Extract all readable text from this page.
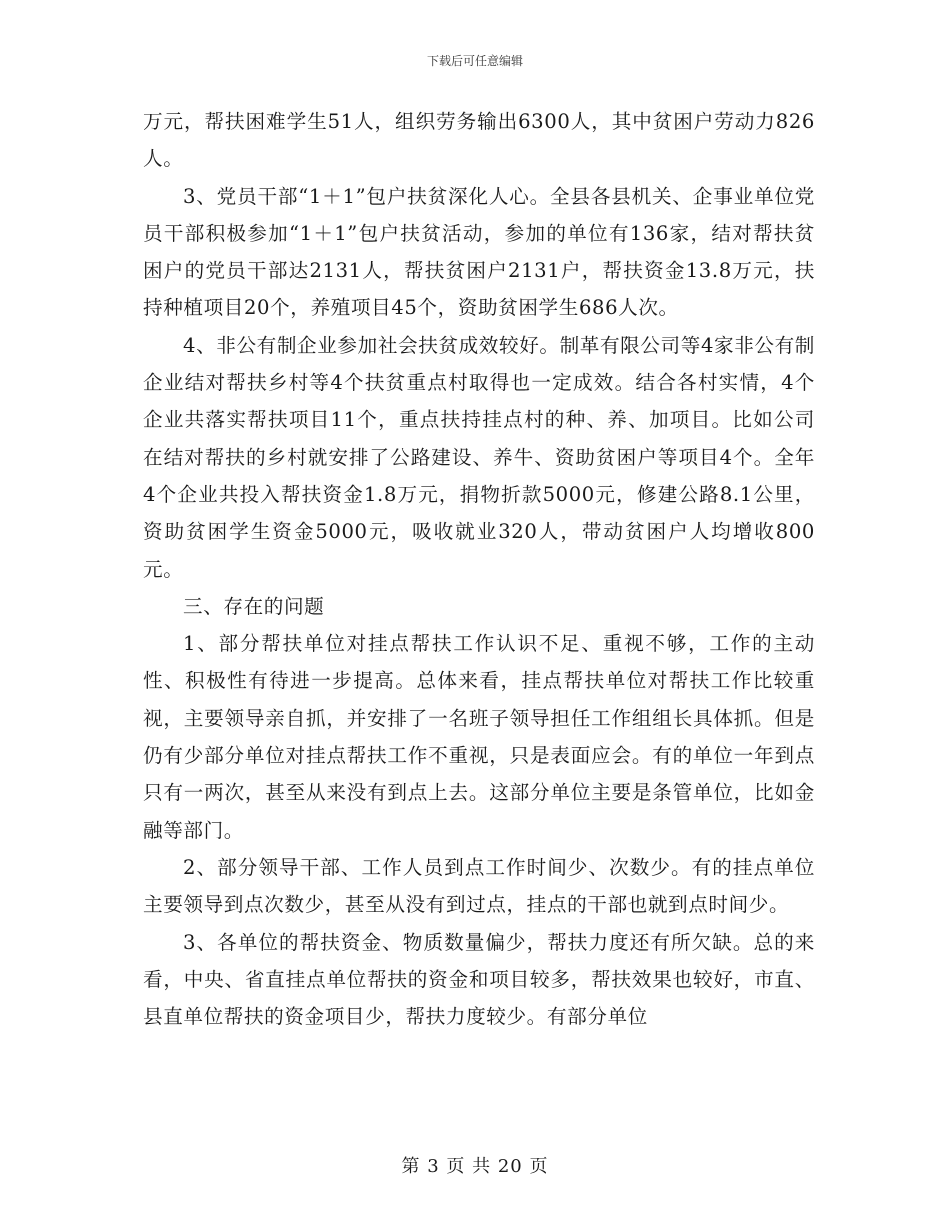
下载后可任意编辑

万元，帮扶困难学生51人，组织劳务输出6300人，其中贫困户劳动力826人。

3、党员干部“1＋1”包户扶贫深化人心。全县各县机关、企事业单位党员干部积极参加“1＋1”包户扶贫活动，参加的单位有136家，结对帮扶贫困户的党员干部达2131人，帮扶贫困户2131户，帮扶资金13.8万元，扶持种植项目20个，养殖项目45个，资助贫困学生686人次。

4、非公有制企业参加社会扶贫成效较好。制革有限公司等4家非公有制企业结对帮扶乡村等4个扶贫重点村取得也一定成效。结合各村实情，4个企业共落实帮扶项目11个，重点扶持挂点村的种、养、加项目。比如公司在结对帮扶的乡村就安排了公路建设、养牛、资助贫困户等项目4个。全年4个企业共投入帮扶资金1.8万元，捐物折款5000元，修建公路8.1公里，资助贫困学生资金5000元，吸收就业320人，带动贫困户人均增收800元。

三、存在的问题

1、部分帮扶单位对挂点帮扶工作认识不足、重视不够，工作的主动性、积极性有待进一步提高。总体来看，挂点帮扶单位对帮扶工作比较重视，主要领导亲自抓，并安排了一名班子领导担任工作组组长具体抓。但是仍有少部分单位对挂点帮扶工作不重视，只是表面应会。有的单位一年到点只有一两次，甚至从来没有到点上去。这部分单位主要是条管单位，比如金融等部门。

2、部分领导干部、工作人员到点工作时间少、次数少。有的挂点单位主要领导到点次数少，甚至从没有到过点，挂点的干部也就到点时间少。

3、各单位的帮扶资金、物质数量偏少，帮扶力度还有所欠缺。总的来看，中央、省直挂点单位帮扶的资金和项目较多，帮扶效果也较好，市直、县直单位帮扶的资金项目少，帮扶力度较少。有部分单位

第 3 页 共 20 页
